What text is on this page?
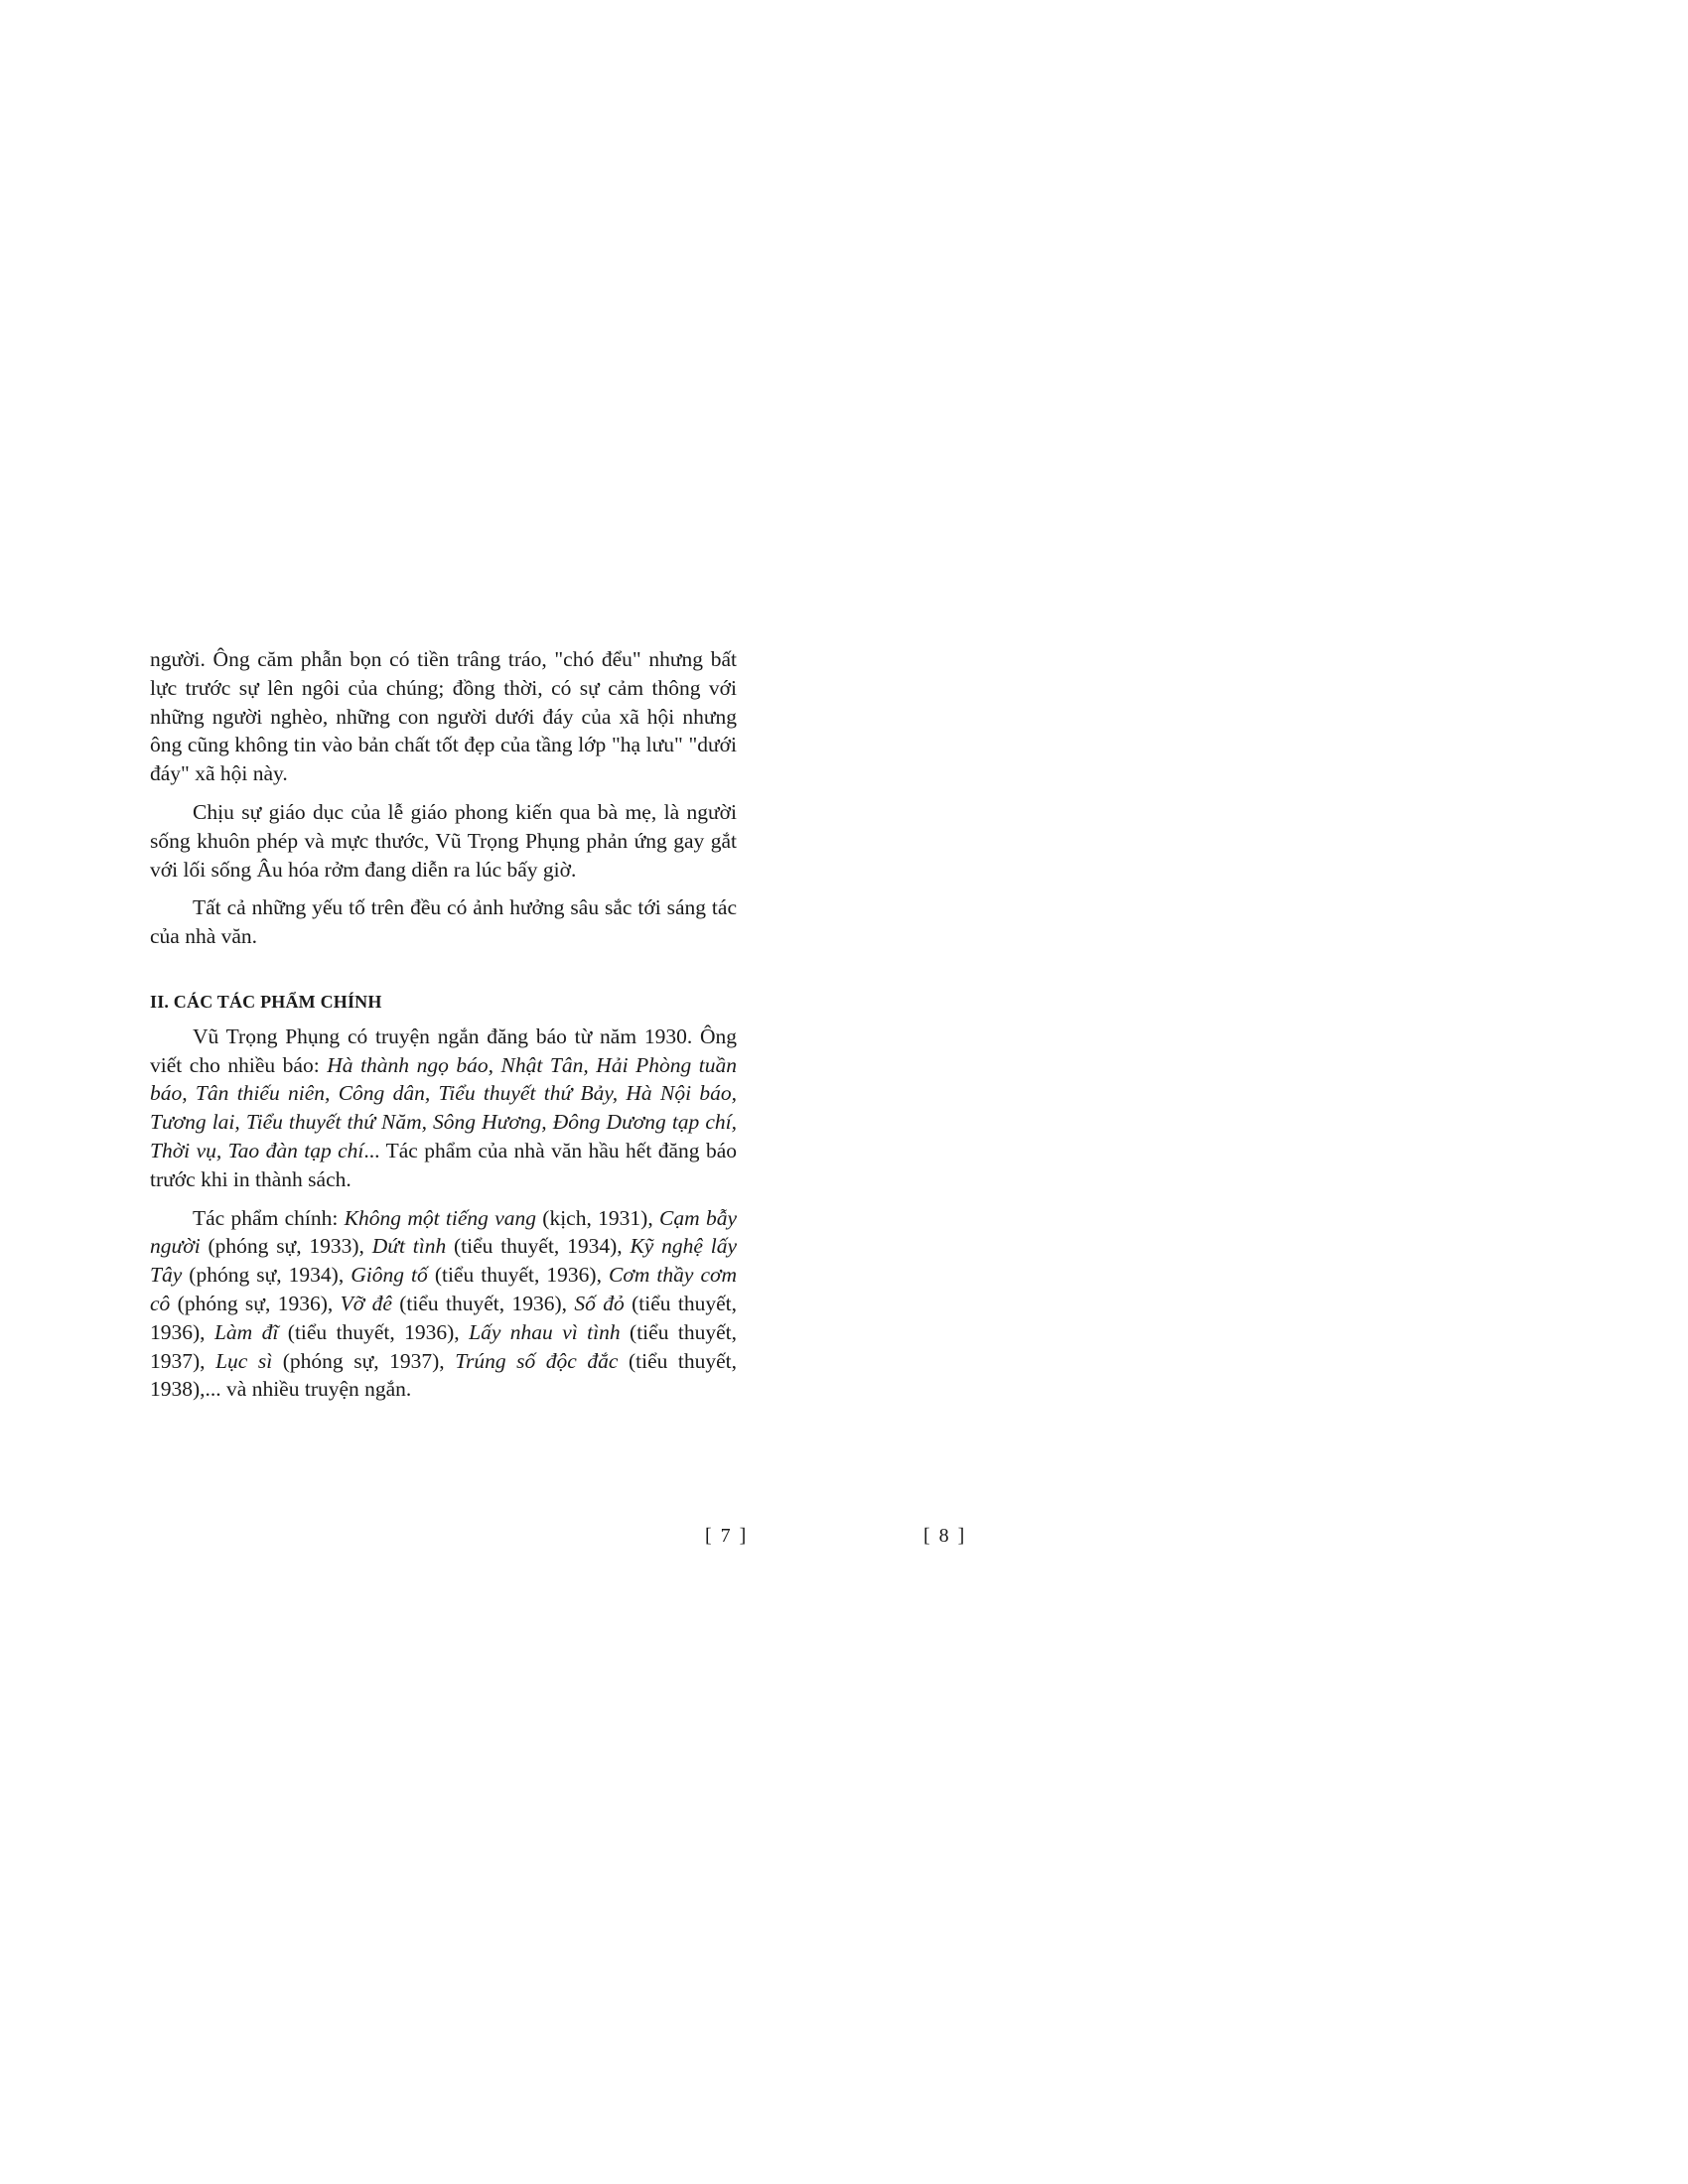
người. Ông căm phẫn bọn có tiền trâng tráo, "chó đểu" nhưng bất lực trước sự lên ngôi của chúng; đồng thời, có sự cảm thông với những người nghèo, những con người dưới đáy của xã hội nhưng ông cũng không tin vào bản chất tốt đẹp của tầng lớp "hạ lưu" "dưới đáy" xã hội này.

Chịu sự giáo dục của lễ giáo phong kiến qua bà mẹ, là người sống khuôn phép và mực thước, Vũ Trọng Phụng phản ứng gay gắt với lối sống Âu hóa rởm đang diễn ra lúc bấy giờ.

Tất cả những yếu tố trên đều có ảnh hưởng sâu sắc tới sáng tác của nhà văn.

II. CÁC TÁC PHẨM CHÍNH

Vũ Trọng Phụng có truyện ngắn đăng báo từ năm 1930. Ông viết cho nhiều báo: Hà thành ngọ báo, Nhật Tân, Hải Phòng tuần báo, Tân thiếu niên, Công dân, Tiểu thuyết thứ Bảy, Hà Nội báo, Tương lai, Tiểu thuyết thứ Năm, Sông Hương, Đông Dương tạp chí, Thời vụ, Tao đàn tạp chí... Tác phẩm của nhà văn hầu hết đăng báo trước khi in thành sách.

Tác phẩm chính: Không một tiếng vang (kịch, 1931), Cạm bẫy người (phóng sự, 1933), Dứt tình (tiểu thuyết, 1934), Kỹ nghệ lấy Tây (phóng sự, 1934), Giông tố (tiểu thuyết, 1936), Cơm thầy cơm cô (phóng sự, 1936), Vỡ đê (tiểu thuyết, 1936), Số đỏ (tiểu thuyết, 1936), Làm đĩ (tiểu thuyết, 1936), Lấy nhau vì tình (tiểu thuyết, 1937), Lục sì (phóng sự, 1937), Trúng số độc đắc (tiểu thuyết, 1938),... và nhiều truyện ngắn.

[ 7 ]	[ 8 ]
